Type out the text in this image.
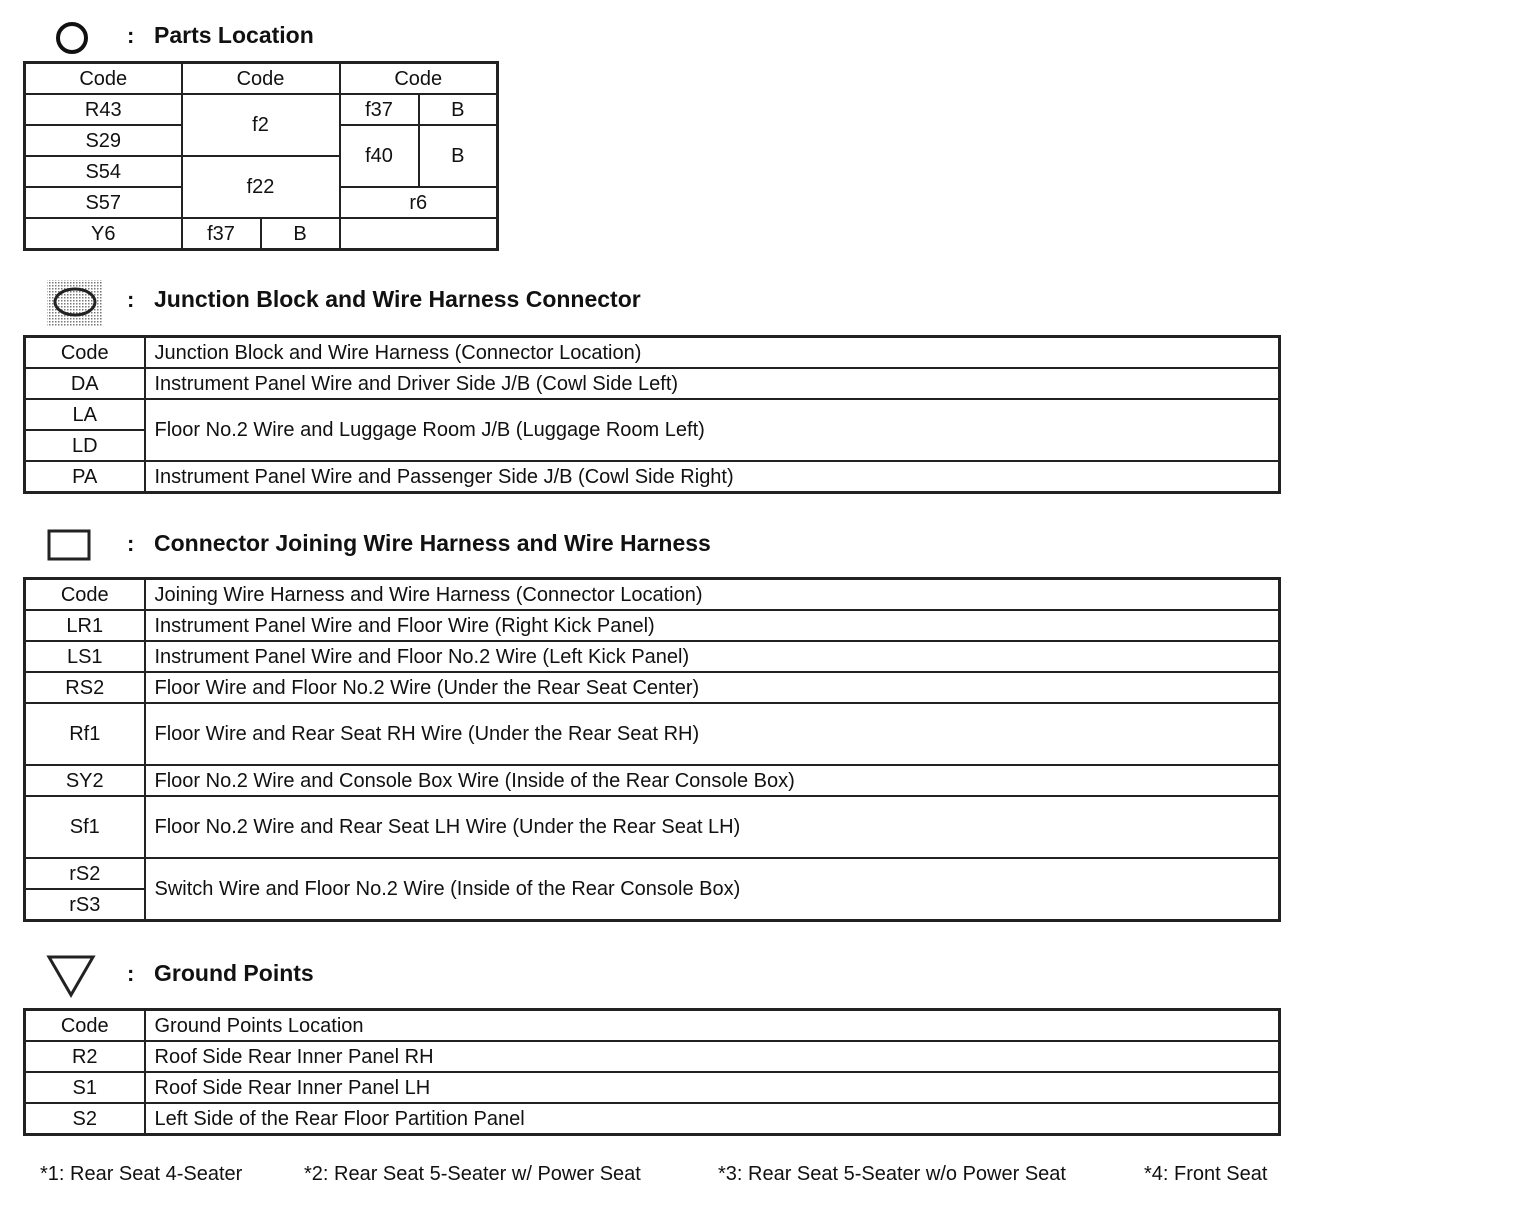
: Parts Location
Code	Code		Code	
R43	f2		f37	B
S29			f40	B
S54	f22			
S57			r6	
Y6	f37	B		
: Junction Block and Wire Harness Connector
Code	Junction Block and Wire Harness (Connector Location)
DA	Instrument Panel Wire and Driver Side J/B (Cowl Side Left)
LA	Floor No.2 Wire and Luggage Room J/B (Luggage Room Left)
LD	
PA	Instrument Panel Wire and Passenger Side J/B (Cowl Side Right)
: Connector Joining Wire Harness and Wire Harness
Code	Joining Wire Harness and Wire Harness (Connector Location)
LR1	Instrument Panel Wire and Floor Wire (Right Kick Panel)
LS1	Instrument Panel Wire and Floor No.2 Wire (Left Kick Panel)
RS2	Floor Wire and Floor No.2 Wire (Under the Rear Seat Center)
Rf1	Floor Wire and Rear Seat RH Wire (Under the Rear Seat RH)
SY2	Floor No.2 Wire and Console Box Wire (Inside of the Rear Console Box)
Sf1	Floor No.2 Wire and Rear Seat LH Wire (Under the Rear Seat LH)
rS2	Switch Wire and Floor No.2 Wire (Inside of the Rear Console Box)
rS3	
: Ground Points
Code	Ground Points Location
R2	Roof Side Rear Inner Panel RH
S1	Roof Side Rear Inner Panel LH
S2	Left Side of the Rear Floor Partition Panel
*1: Rear Seat 4-Seater	*2: Rear Seat 5-Seater w/ Power Seat	*3: Rear Seat 5-Seater w/o Power Seat	*4: Front Seat
